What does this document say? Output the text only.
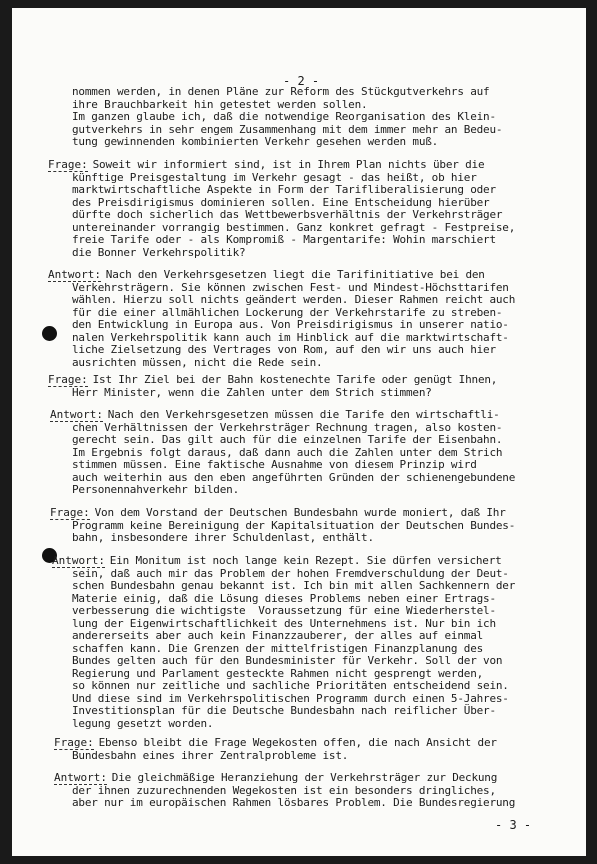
- 2 -
nommen werden, in denen Pläne zur Reform des Stückgutverkehrs auf
ihre Brauchbarkeit hin getestet werden sollen.
Im ganzen glaube ich, daß die notwendige Reorganisation des Klein-
gutverkehrs in sehr engem Zusammenhang mit dem immer mehr an Bedeu-
tung gewinnenden kombinierten Verkehr gesehen werden muß.
Frage: Soweit wir informiert sind, ist in Ihrem Plan nichts über die
künftige Preisgestaltung im Verkehr gesagt - das heißt, ob hier
marktwirtschaftliche Aspekte in Form der Tarifliberalisierung oder
des Preisdirigismus dominieren sollen. Eine Entscheidung hierüber
dürfte doch sicherlich das Wettbewerbsverhältnis der Verkehrsträger
untereinander vorrangig bestimmen. Ganz konkret gefragt - Festpreise,
freie Tarife oder - als Kompromiß - Margentarife: Wohin marschiert
die Bonner Verkehrspolitik?
Antwort: Nach den Verkehrsgesetzen liegt die Tarifinitiative bei den
Verkehrsträgern. Sie können zwischen Fest- und Mindest-Höchsttarifen
wählen. Hierzu soll nichts geändert werden. Dieser Rahmen reicht auch
für die einer allmählichen Lockerung der Verkehrstarife zu streben-
den Entwicklung in Europa aus. Von Preisdirigismus in unserer natio-
nalen Verkehrspolitik kann auch im Hinblick auf die marktwirtschaft-
liche Zielsetzung des Vertrages von Rom, auf den wir uns auch hier
ausrichten müssen, nicht die Rede sein.
Frage: Ist Ihr Ziel bei der Bahn kostenechte Tarife oder genügt Ihnen,
Herr Minister, wenn die Zahlen unter dem Strich stimmen?
Antwort: Nach den Verkehrsgesetzen müssen die Tarife den wirtschaftli-
chen Verhältnissen der Verkehrsträger Rechnung tragen, also kosten-
gerecht sein. Das gilt auch für die einzelnen Tarife der Eisenbahn.
Im Ergebnis folgt daraus, daß dann auch die Zahlen unter dem Strich
stimmen müssen. Eine faktische Ausnahme von diesem Prinzip wird
auch weiterhin aus den eben angeführten Gründen der schienengebundene
Personennahverkehr bilden.
Frage: Von dem Vorstand der Deutschen Bundesbahn wurde moniert, daß Ihr
Programm keine Bereinigung der Kapitalsituation der Deutschen Bundes-
bahn, insbesondere ihrer Schuldenlast, enthält.
Antwort: Ein Monitum ist noch lange kein Rezept. Sie dürfen versichert
sein, daß auch mir das Problem der hohen Fremdverschuldung der Deut-
schen Bundesbahn genau bekannt ist. Ich bin mit allen Sachkennern der
Materie einig, daß die Lösung dieses Problems neben einer Ertrags-
verbesserung die wichtigste  Voraussetzung für eine Wiederherstel-
lung der Eigenwirtschaftlichkeit des Unternehmens ist. Nur bin ich
andererseits aber auch kein Finanzzauberer, der alles auf einmal
schaffen kann. Die Grenzen der mittelfristigen Finanzplanung des
Bundes gelten auch für den Bundesminister für Verkehr. Soll der von
Regierung und Parlament gesteckte Rahmen nicht gesprengt werden,
so können nur zeitliche und sachliche Prioritäten entscheidend sein.
Und diese sind im Verkehrspolitischen Programm durch einen 5-Jahres-
Investitionsplan für die Deutsche Bundesbahn nach reiflicher Über-
legung gesetzt worden.
Frage: Ebenso bleibt die Frage Wegekosten offen, die nach Ansicht der
Bundesbahn eines ihrer Zentralprobleme ist.
Antwort: Die gleichmäßige Heranziehung der Verkehrsträger zur Deckung
der ihnen zuzurechnenden Wegekosten ist ein besonders dringliches,
aber nur im europäischen Rahmen lösbares Problem. Die Bundesregierung
- 3 -
